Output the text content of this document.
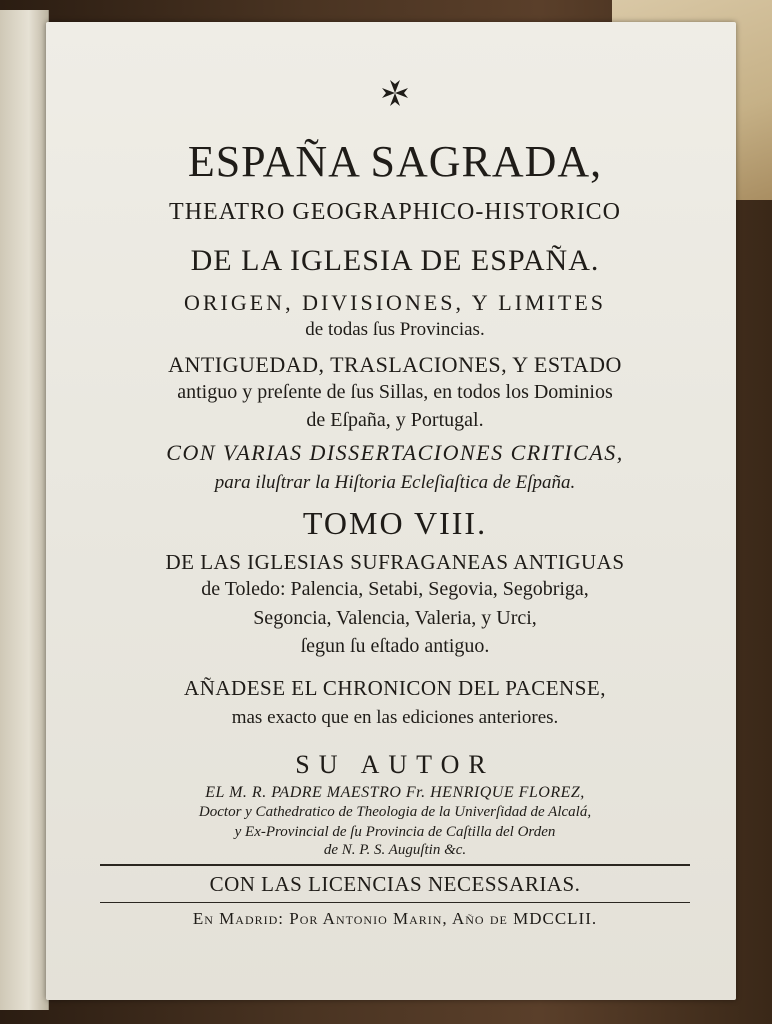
ESPAÑA SAGRADA,

THEATRO GEOGRAPHICO-HISTORICO

DE LA IGLESIA DE ESPAÑA.

ORIGEN, DIVISIONES, Y LIMITES

de todas ſus Provincias.

ANTIGUEDAD, TRASLACIONES, Y ESTADO

antiguo y preſente de ſus Sillas, en todos los Dominios

de Eſpaña, y Portugal.

CON VARIAS DISSERTACIONES CRITICAS,

para iluſtrar la Hiſtoria Ecleſiaſtica de Eſpaña.

TOMO VIII.

DE LAS IGLESIAS SUFRAGANEAS ANTIGUAS

de Toledo: Palencia, Setabi, Segovia, Segobriga,

Segoncia, Valencia, Valeria, y Urci,

ſegun ſu eſtado antiguo.

AÑADESE EL CHRONICON DEL PACENSE,

mas exacto que en las ediciones anteriores.

SU AUTOR

EL M. R. PADRE MAESTRO Fr. HENRIQUE FLOREZ,

Doctor y Cathedratico de Theologia de la Univerſidad de Alcalá,

y Ex-Provincial de ſu Provincia de Caſtilla del Orden

de N. P. S. Auguſtin &c.

CON LAS LICENCIAS NECESSARIAS.

En Madrid: Por Antonio Marin, Año de MDCCLII.
